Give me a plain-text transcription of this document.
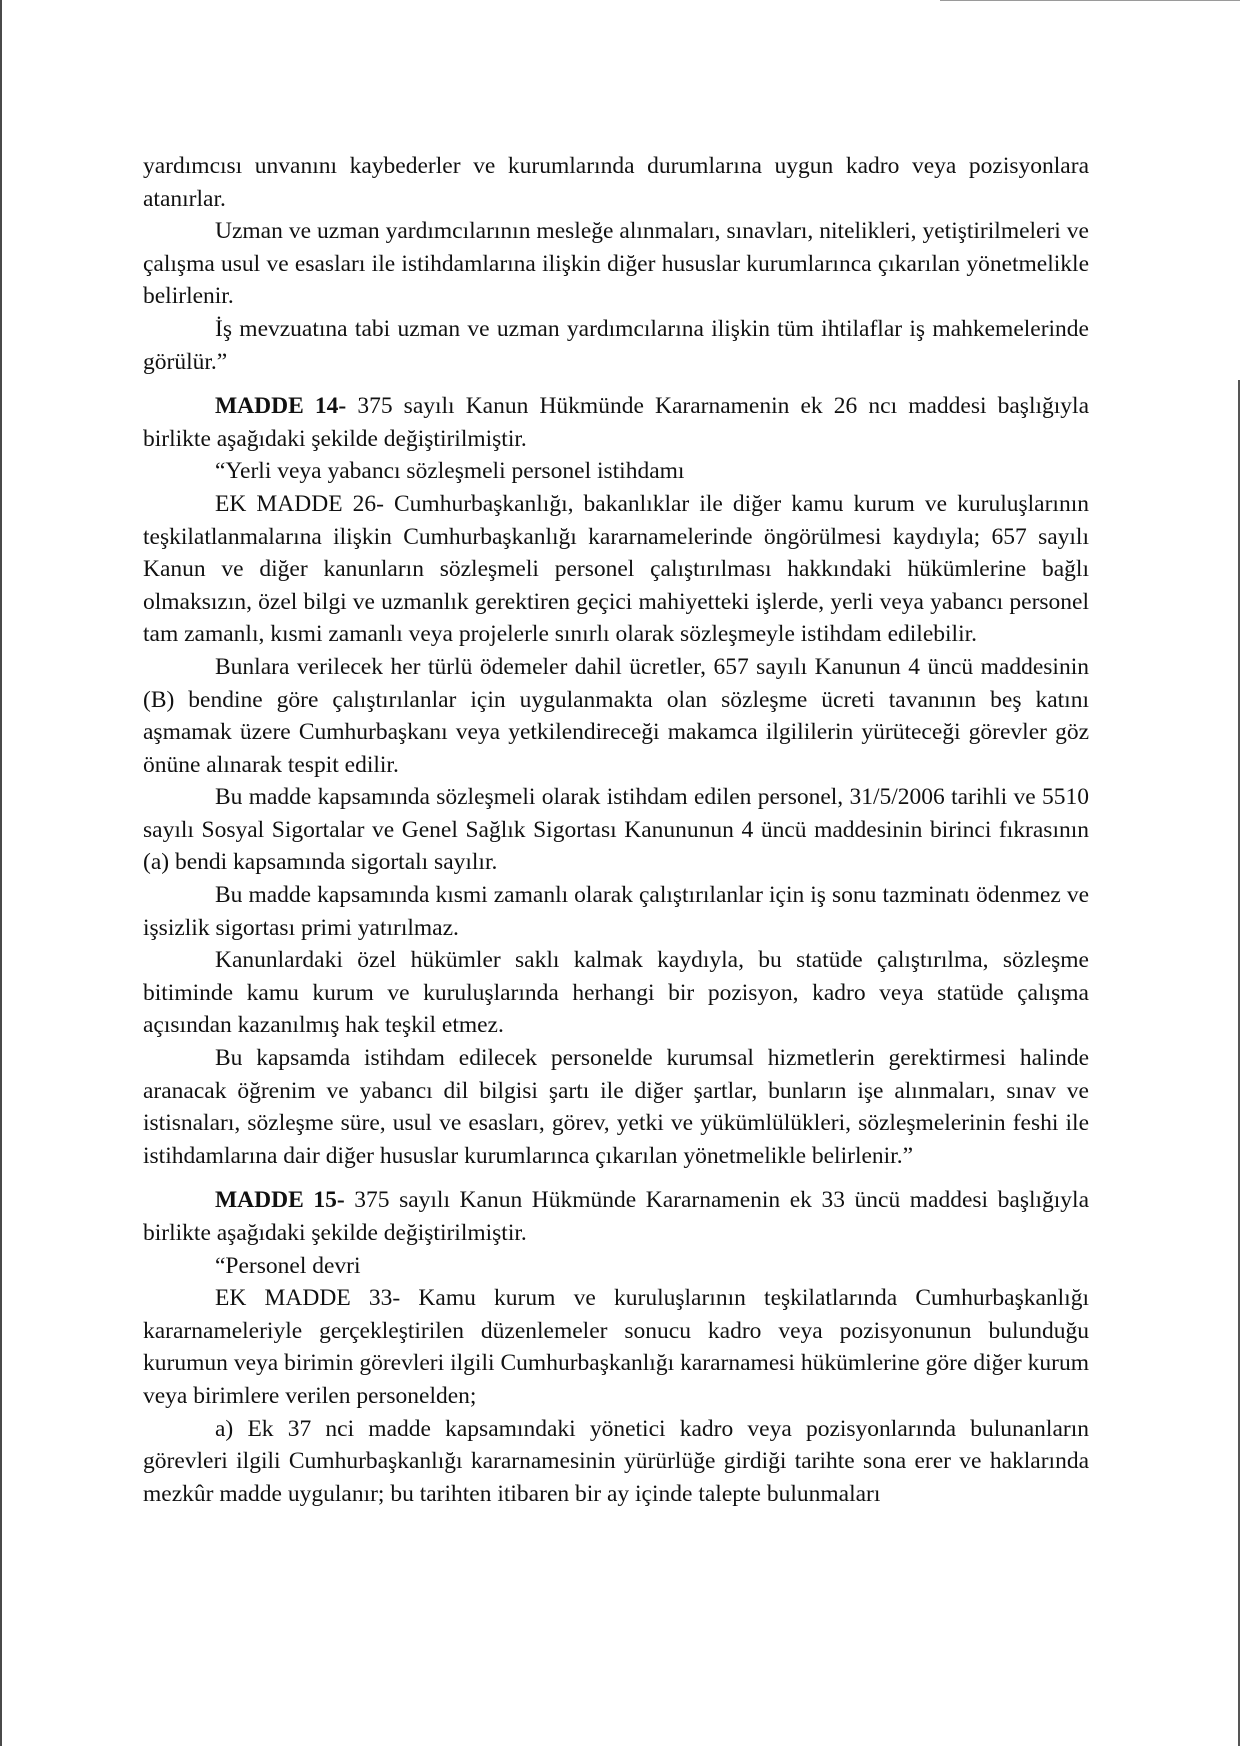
yardımcısı unvanını kaybederler ve kurumlarında durumlarına uygun kadro veya pozisyonlara atanırlar.

Uzman ve uzman yardımcılarının mesleğe alınmaları, sınavları, nitelikleri, yetiştirilmeleri ve çalışma usul ve esasları ile istihdamlarına ilişkin diğer hususlar kurumlarınca çıkarılan yönetmelikle belirlenir.

İş mevzuatına tabi uzman ve uzman yardımcılarına ilişkin tüm ihtilaflar iş mahkemelerinde görülür.”

MADDE 14- 375 sayılı Kanun Hükmünde Kararnamenin ek 26 ncı maddesi başlığıyla birlikte aşağıdaki şekilde değiştirilmiştir.

“Yerli veya yabancı sözleşmeli personel istihdamı

EK MADDE 26- Cumhurbaşkanlığı, bakanlıklar ile diğer kamu kurum ve kuruluşlarının teşkilatlanmalarına ilişkin Cumhurbaşkanlığı kararnamelerinde öngörülmesi kaydıyla; 657 sayılı Kanun ve diğer kanunların sözleşmeli personel çalıştırılması hakkındaki hükümlerine bağlı olmaksızın, özel bilgi ve uzmanlık gerektiren geçici mahiyetteki işlerde, yerli veya yabancı personel tam zamanlı, kısmi zamanlı veya projelerle sınırlı olarak sözleşmeyle istihdam edilebilir.

Bunlara verilecek her türlü ödemeler dahil ücretler, 657 sayılı Kanunun 4 üncü maddesinin (B) bendine göre çalıştırılanlar için uygulanmakta olan sözleşme ücreti tavanının beş katını aşmamak üzere Cumhurbaşkanı veya yetkilendireceği makamca ilgililerin yürüteceği görevler göz önüne alınarak tespit edilir.

Bu madde kapsamında sözleşmeli olarak istihdam edilen personel, 31/5/2006 tarihli ve 5510 sayılı Sosyal Sigortalar ve Genel Sağlık Sigortası Kanununun 4 üncü maddesinin birinci fıkrasının (a) bendi kapsamında sigortalı sayılır.

Bu madde kapsamında kısmi zamanlı olarak çalıştırılanlar için iş sonu tazminatı ödenmez ve işsizlik sigortası primi yatırılmaz.

Kanunlardaki özel hükümler saklı kalmak kaydıyla, bu statüde çalıştırılma, sözleşme bitiminde kamu kurum ve kuruluşlarında herhangi bir pozisyon, kadro veya statüde çalışma açısından kazanılmış hak teşkil etmez.

Bu kapsamda istihdam edilecek personelde kurumsal hizmetlerin gerektirmesi halinde aranacak öğrenim ve yabancı dil bilgisi şartı ile diğer şartlar, bunların işe alınmaları, sınav ve istisnaları, sözleşme süre, usul ve esasları, görev, yetki ve yükümlülükleri, sözleşmelerinin feshi ile istihdamlarına dair diğer hususlar kurumlarınca çıkarılan yönetmelikle belirlenir.”

MADDE 15- 375 sayılı Kanun Hükmünde Kararnamenin ek 33 üncü maddesi başlığıyla birlikte aşağıdaki şekilde değiştirilmiştir.

“Personel devri

EK MADDE 33- Kamu kurum ve kuruluşlarının teşkilatlarında Cumhurbaşkanlığı kararnameleriyle gerçekleştirilen düzenlemeler sonucu kadro veya pozisyonunun bulunduğu kurumun veya birimin görevleri ilgili Cumhurbaşkanlığı kararnamesi hükümlerine göre diğer kurum veya birimlere verilen personelden;

a) Ek 37 nci madde kapsamındaki yönetici kadro veya pozisyonlarında bulunanların görevleri ilgili Cumhurbaşkanlığı kararnamesinin yürürlüğe girdiği tarihte sona erer ve haklarında mezkûr madde uygulanır; bu tarihten itibaren bir ay içinde talepte bulunmaları
